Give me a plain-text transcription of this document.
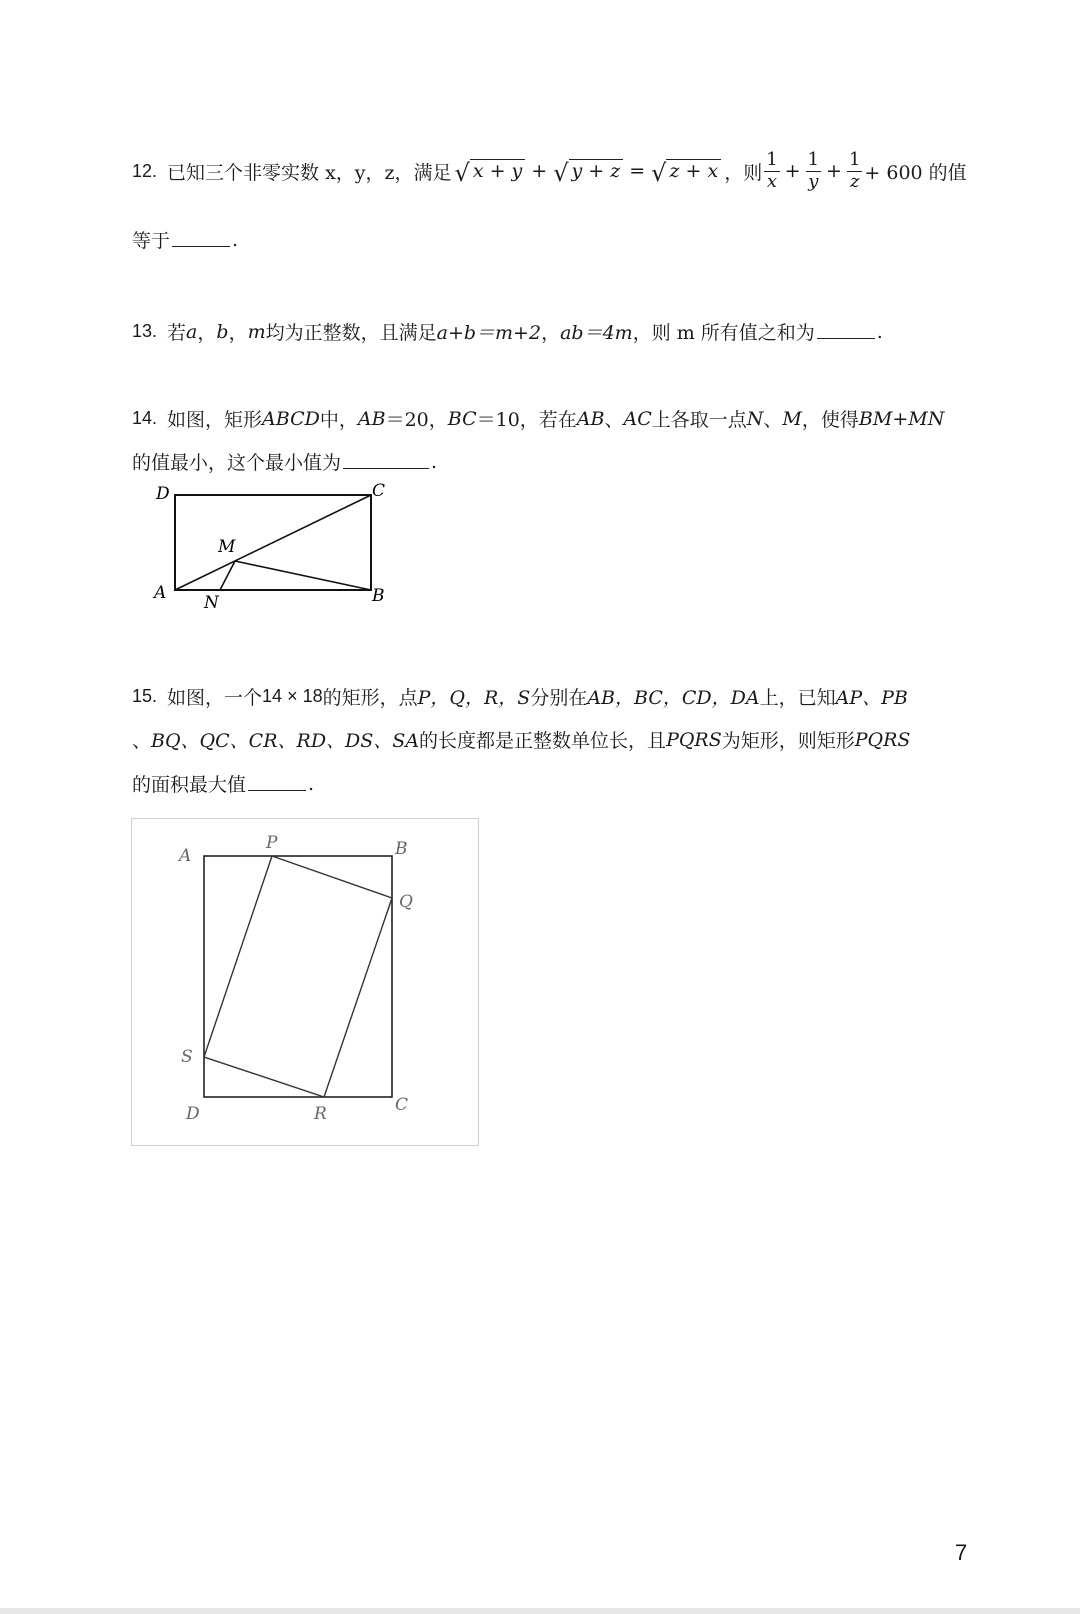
12. 已知三个非零实数 x，y，z，满足 √ x + y + √ y + z = √ z + x ，则 $\frac{1}{x} + \frac{1}{y} + \frac{1}{z} + 600$ 的值
等于	.
13. 若 a ， b ， m 均为正整数，且满足 a+b＝m+2 ， ab＝4m ，则 m 所有值之和为	.
14. 如图，矩形 ABCD 中， AB ＝20， BC ＝10，若在 AB 、 AC 上各取一点 N 、 M ，使得 BM+MN
的值最小，这个最小值为	.
D	C
A	B
M
N
15. 如图，一个 14 × 18 的矩形，点 P，Q，R，S 分别在 AB，BC，CD，DA 上，已知 AP、PB
、 BQ、QC、CR、RD、DS、SA 的长度都是正整数单位长，且 PQRS 为矩形，则矩形 PQRS
的面积最大值	.
A
P	B
Q
S
D	R	C
7
